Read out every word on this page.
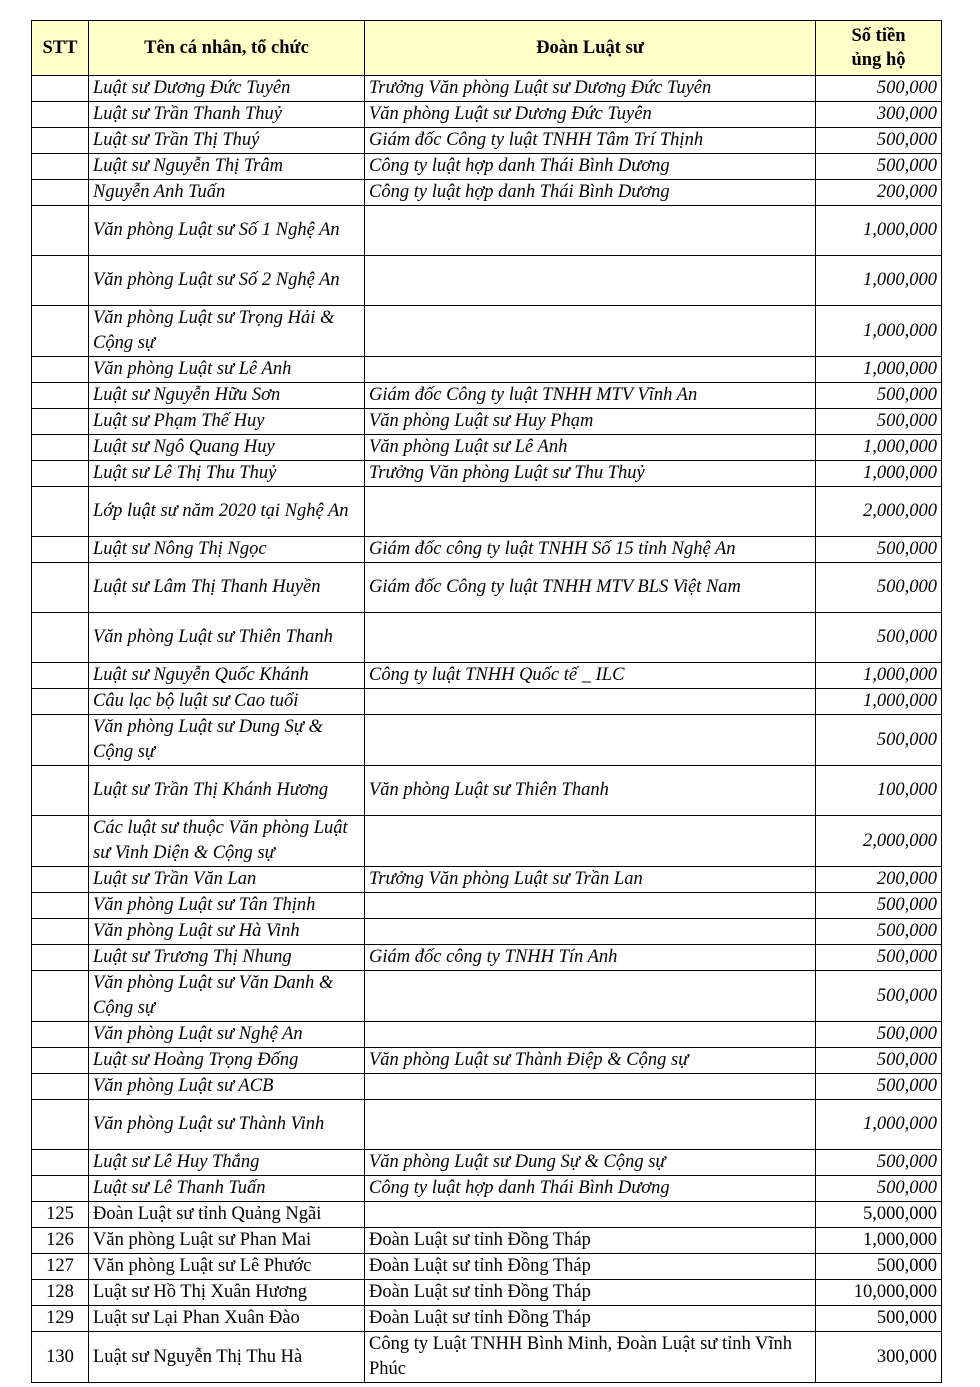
STT	Tên cá nhân, tổ chức	Đoàn Luật sư	Số tiền
ủng hộ
	Luật sư Dương Đức Tuyên	Trưởng Văn phòng Luật sư Dương Đức Tuyên	500,000
	Luật sư Trần Thanh Thuỷ	Văn phòng Luật sư Dương Đức Tuyên	300,000
	Luật sư Trần Thị Thuý	Giám đốc Công ty luật TNHH Tâm Trí Thịnh	500,000
	Luật sư Nguyễn Thị Trâm	Công ty luật hợp danh Thái Bình Dương	500,000
	Nguyễn Anh Tuấn	Công ty luật hợp danh Thái Bình Dương	200,000
	Văn phòng Luật sư Số 1 Nghệ An		1,000,000
	Văn phòng Luật sư Số 2 Nghệ An		1,000,000
	Văn phòng Luật sư Trọng Hải & Cộng sự		1,000,000
	Văn phòng Luật sư Lê Anh		1,000,000
	Luật sư Nguyễn Hữu Sơn	Giám đốc Công ty luật TNHH MTV Vĩnh An	500,000
	Luật sư Phạm Thế Huy	Văn phòng Luật sư Huy Phạm	500,000
	Luật sư Ngô Quang Huy	Văn phòng Luật sư Lê Anh	1,000,000
	Luật sư Lê Thị Thu Thuỷ	Trưởng Văn phòng Luật sư Thu Thuỷ	1,000,000
	Lớp luật sư năm 2020 tại Nghệ An		2,000,000
	Luật sư Nông Thị Ngọc	Giám đốc công ty luật TNHH Số 15 tỉnh Nghệ An	500,000
	Luật sư Lâm Thị Thanh Huyền	Giám đốc Công ty luật TNHH MTV BLS Việt Nam	500,000
	Văn phòng Luật sư Thiên Thanh		500,000
	Luật sư Nguyễn Quốc Khánh	Công ty luật TNHH Quốc tế _ ILC	1,000,000
	Câu lạc bộ luật sư Cao tuổi		1,000,000
	Văn phòng Luật sư Dung Sự & Cộng sự		500,000
	Luật sư Trần Thị Khánh Hương	Văn phòng Luật sư Thiên Thanh	100,000
	Các luật sư thuộc Văn phòng Luật sư Vinh Diện & Cộng sự		2,000,000
	Luật sư Trần Văn Lan	Trưởng Văn phòng Luật sư Trần Lan	200,000
	Văn phòng Luật sư Tân Thịnh		500,000
	Văn phòng Luật sư Hà Vinh		500,000
	Luật sư Trương Thị Nhung	Giám đốc công ty TNHH Tín Anh	500,000
	Văn phòng Luật sư Văn Danh & Cộng sự		500,000
	Văn phòng Luật sư Nghệ An		500,000
	Luật sư Hoàng Trọng Đống	Văn phòng Luật sư Thành Điệp & Cộng sự	500,000
	Văn phòng Luật sư ACB		500,000
	Văn phòng Luật sư Thành Vinh		1,000,000
	Luật sư Lê Huy Thắng	Văn phòng Luật sư Dung Sự & Cộng sự	500,000
	Luật sư Lê Thanh Tuấn	Công ty luật hợp danh Thái Bình Dương	500,000
125	Đoàn Luật sư tỉnh Quảng Ngãi		5,000,000
126	Văn phòng Luật sư Phan Mai	Đoàn Luật sư tỉnh Đồng Tháp	1,000,000
127	Văn phòng Luật sư Lê Phước	Đoàn Luật sư tỉnh Đồng Tháp	500,000
128	Luật sư Hồ Thị Xuân Hương	Đoàn Luật sư tỉnh Đồng Tháp	10,000,000
129	Luật sư Lại Phan Xuân Đào	Đoàn Luật sư tỉnh Đồng Tháp	500,000
130	Luật sư Nguyễn Thị Thu Hà	Công ty Luật TNHH Bình Minh, Đoàn Luật sư tỉnh Vĩnh Phúc	300,000
